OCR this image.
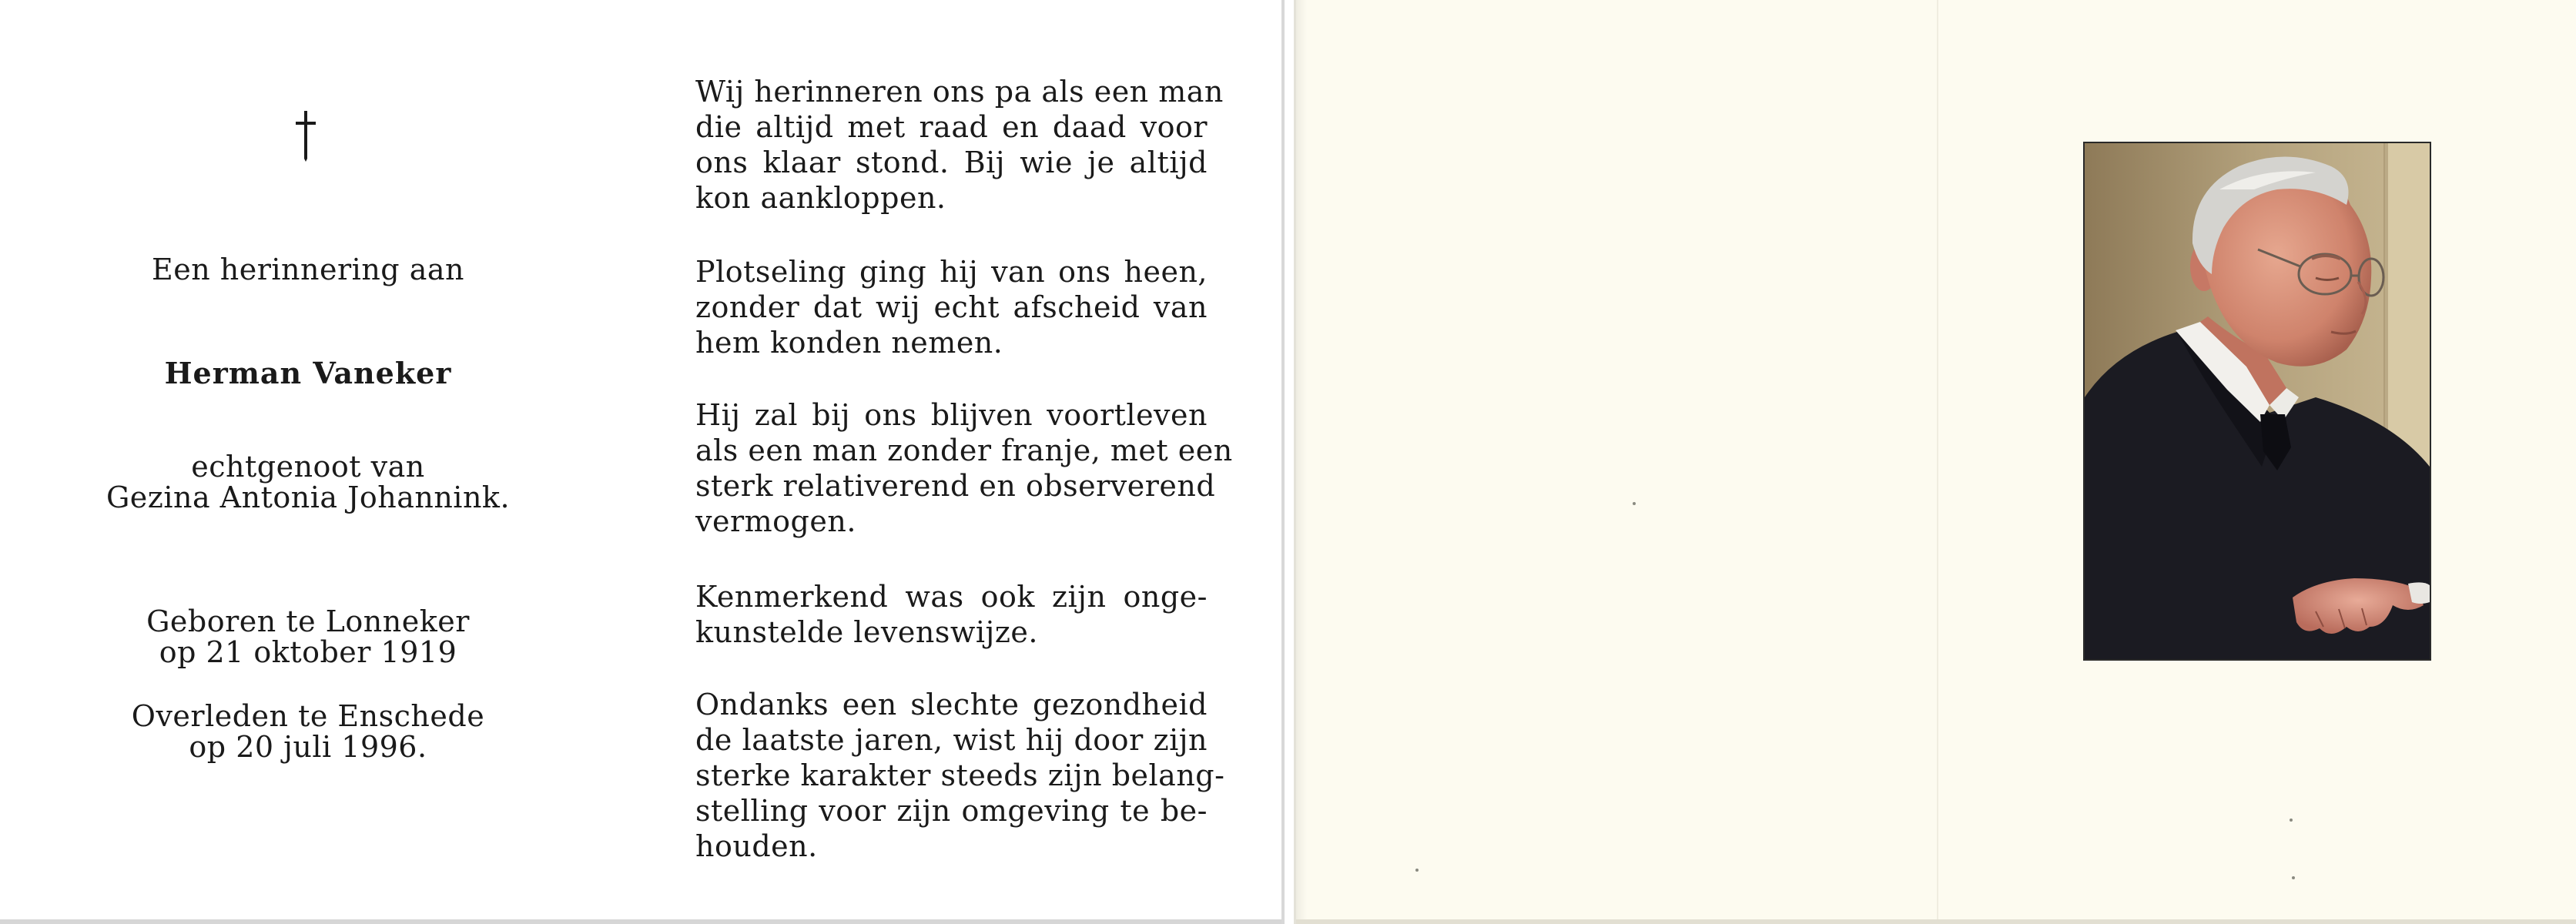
Een herinnering aan
Herman Vaneker
echtgenoot van
Gezina Antonia Johannink.
Geboren te Lonneker
op 21 oktober 1919
Overleden te Enschede
op 20 juli 1996.
Wij herinneren ons pa als een man
die altijd met raad en daad voor
ons klaar stond. Bij wie je altijd
kon aankloppen.
Plotseling ging hij van ons heen,
zonder dat wij echt afscheid van
hem konden nemen.
Hij zal bij ons blijven voortleven
als een man zonder franje, met een
sterk relativerend en observerend
vermogen.
Kenmerkend was ook zijn onge-
kunstelde levenswijze.
Ondanks een slechte gezondheid
de laatste jaren, wist hij door zijn
sterke karakter steeds zijn belang-
stelling voor zijn omgeving te be-
houden.
